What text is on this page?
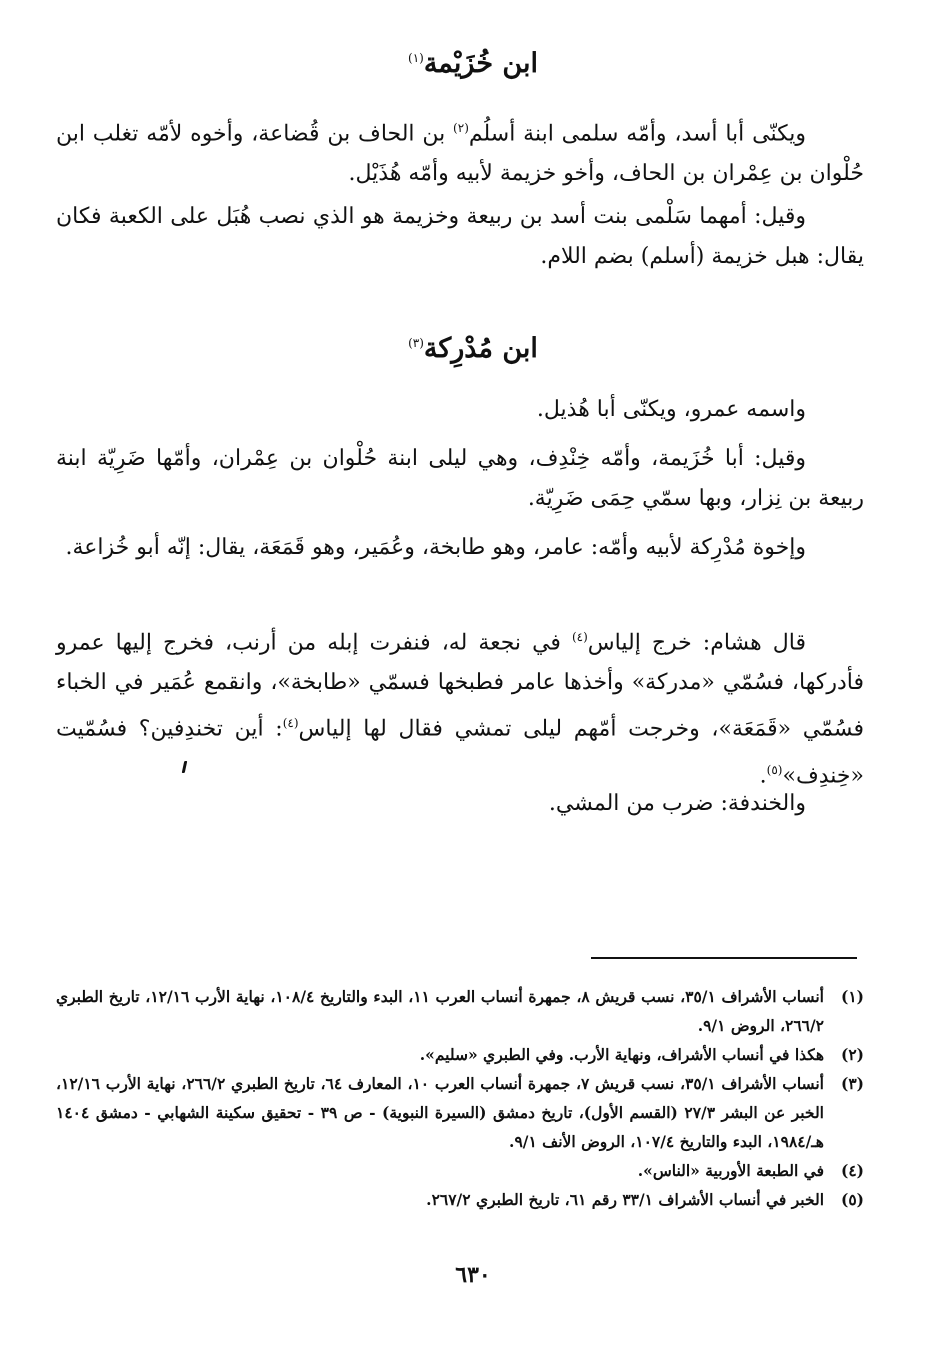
ابن خُزَيْمة$^{(١)}$

ويكنّى أبا أسد، وأمّه سلمى ابنة أسلُم$^{(٢)}$ بن الحاف بن قُضاعة، وأخوه لأمّه تغلب ابن حُلْوان بن عِمْران بن الحاف، وأخو خزيمة لأبيه وأمّه هُذَيْل.

وقيل: أمهما سَلْمى بنت أسد بن ربيعة وخزيمة هو الذي نصب هُبَل على الكعبة فكان يقال: هبل خزيمة (أسلم) بضم اللام.

ابن مُدْرِكة$^{(٣)}$

واسمه عمرو، ويكنّى أبا هُذيل.

وقيل: أبا خُزَيمة، وأمّه خِنْدِف، وهي ليلى ابنة حُلْوان بن عِمْران، وأمّها ضَرِيّة ابنة ربيعة بن نِزار، وبها سمّي حِمَى ضَرِيّة.

وإخوة مُدْرِكة لأبيه وأمّه: عامر، وهو طابخة، وعُمَير، وهو قَمَعَة، يقال: إنّه أبو خُزاعة.

قال هشام: خرج إلياس$^{(٤)}$ في نجعة له، فنفرت إبله من أرنب، فخرج إليها عمرو فأدركها، فسُمّي «مدركة» وأخذها عامر فطبخها فسمّي «طابخة»، وانقمع عُمَير في الخباء فسُمّي «قَمَعَة»، وخرجت أمّهم ليلى تمشي فقال لها إلياس$^{(٤)}$: أين تخندِفين؟ فسُمّيت «خِندِف»$^{(٥)}$.

والخندفة: ضرب من المشي.

(١)
أنساب الأشراف ٣٥/١، نسب قريش ٨، جمهرة أنساب العرب ١١، البدء والتاريخ ١٠٨/٤، نهاية الأرب ١٢/١٦، تاريخ الطبري ٢٦٦/٢، الروض ٩/١.
(٢)
هكذا في أنساب الأشراف، ونهاية الأرب. وفي الطبري «سليم».
(٣)
أنساب الأشراف ٣٥/١، نسب قريش ٧، جمهرة أنساب العرب ١٠، المعارف ٦٤، تاريخ الطبري ٢٦٦/٢، نهاية الأرب ١٢/١٦، الخبر عن البشر ٢٧/٣ (القسم الأول)، تاريخ دمشق (السيرة النبوية) - ص ٣٩ - تحقيق سكينة الشهابي - دمشق ١٤٠٤ هـ/١٩٨٤، البدء والتاريخ ١٠٧/٤، الروض الأنف ٩/١.
(٤)
في الطبعة الأوربية «الناس».
(٥)
الخبر في أنساب الأشراف ٣٣/١ رقم ٦١، تاريخ الطبري ٢٦٧/٢.
٦٣٠
